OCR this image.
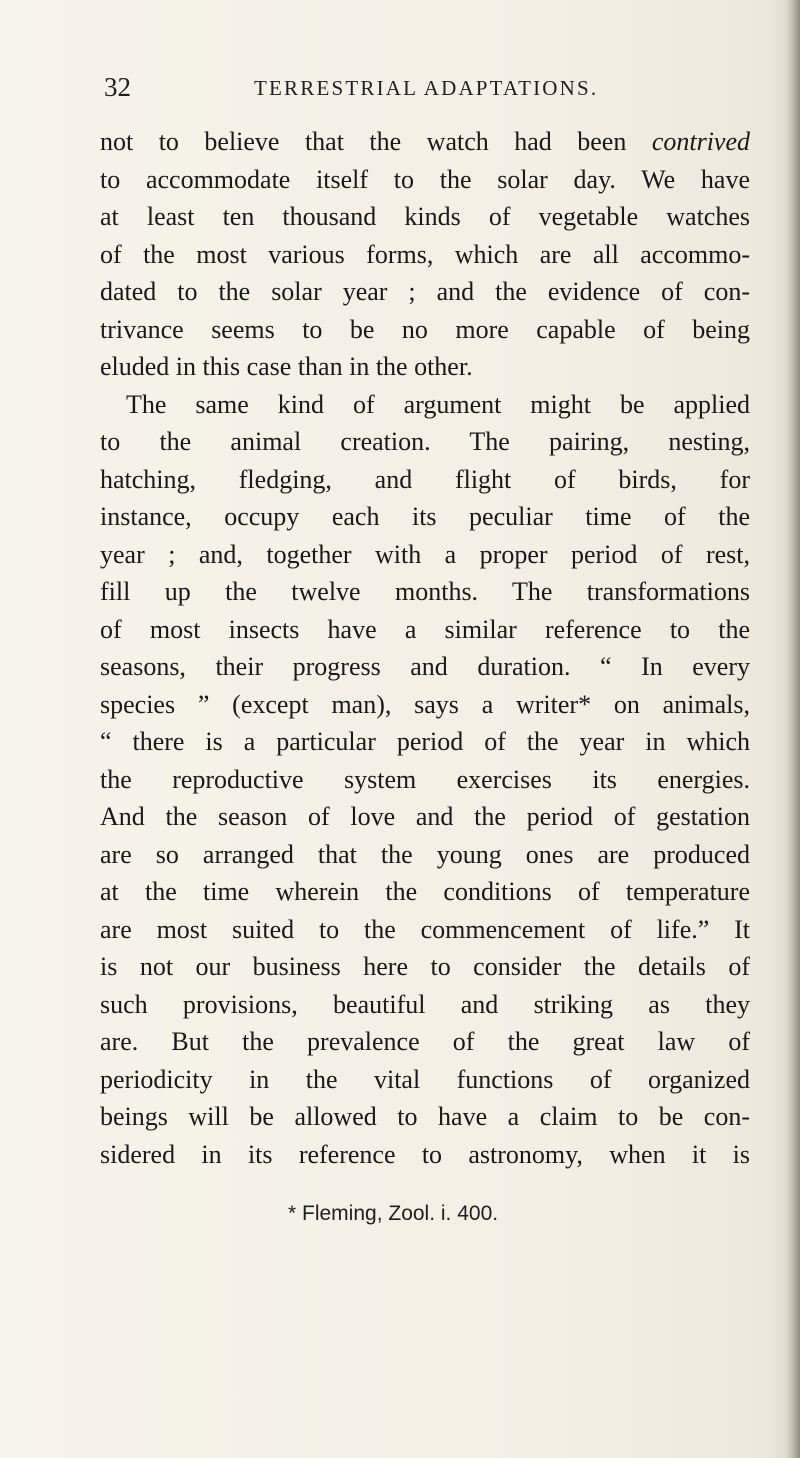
32	TERRESTRIAL ADAPTATIONS.
not to believe that the watch had been contrived
to accommodate itself to the solar day. We have
at least ten thousand kinds of vegetable watches
of the most various forms, which are all accommo-
dated to the solar year ; and the evidence of con-
trivance seems to be no more capable of being
eluded in this case than in the other.
The same kind of argument might be applied
to the animal creation. The pairing, nesting,
hatching, fledging, and flight of birds, for
instance, occupy each its peculiar time of the
year ; and, together with a proper period of rest,
fill up the twelve months. The transformations
of most insects have a similar reference to the
seasons, their progress and duration. “ In every
species ” (except man), says a writer* on animals,
“ there is a particular period of the year in which
the reproductive system exercises its energies.
And the season of love and the period of gestation
are so arranged that the young ones are produced
at the time wherein the conditions of temperature
are most suited to the commencement of life.” It
is not our business here to consider the details of
such provisions, beautiful and striking as they
are. But the prevalence of the great law of
periodicity in the vital functions of organized
beings will be allowed to have a claim to be con-
sidered in its reference to astronomy, when it is
* Fleming, Zool. i. 400.
